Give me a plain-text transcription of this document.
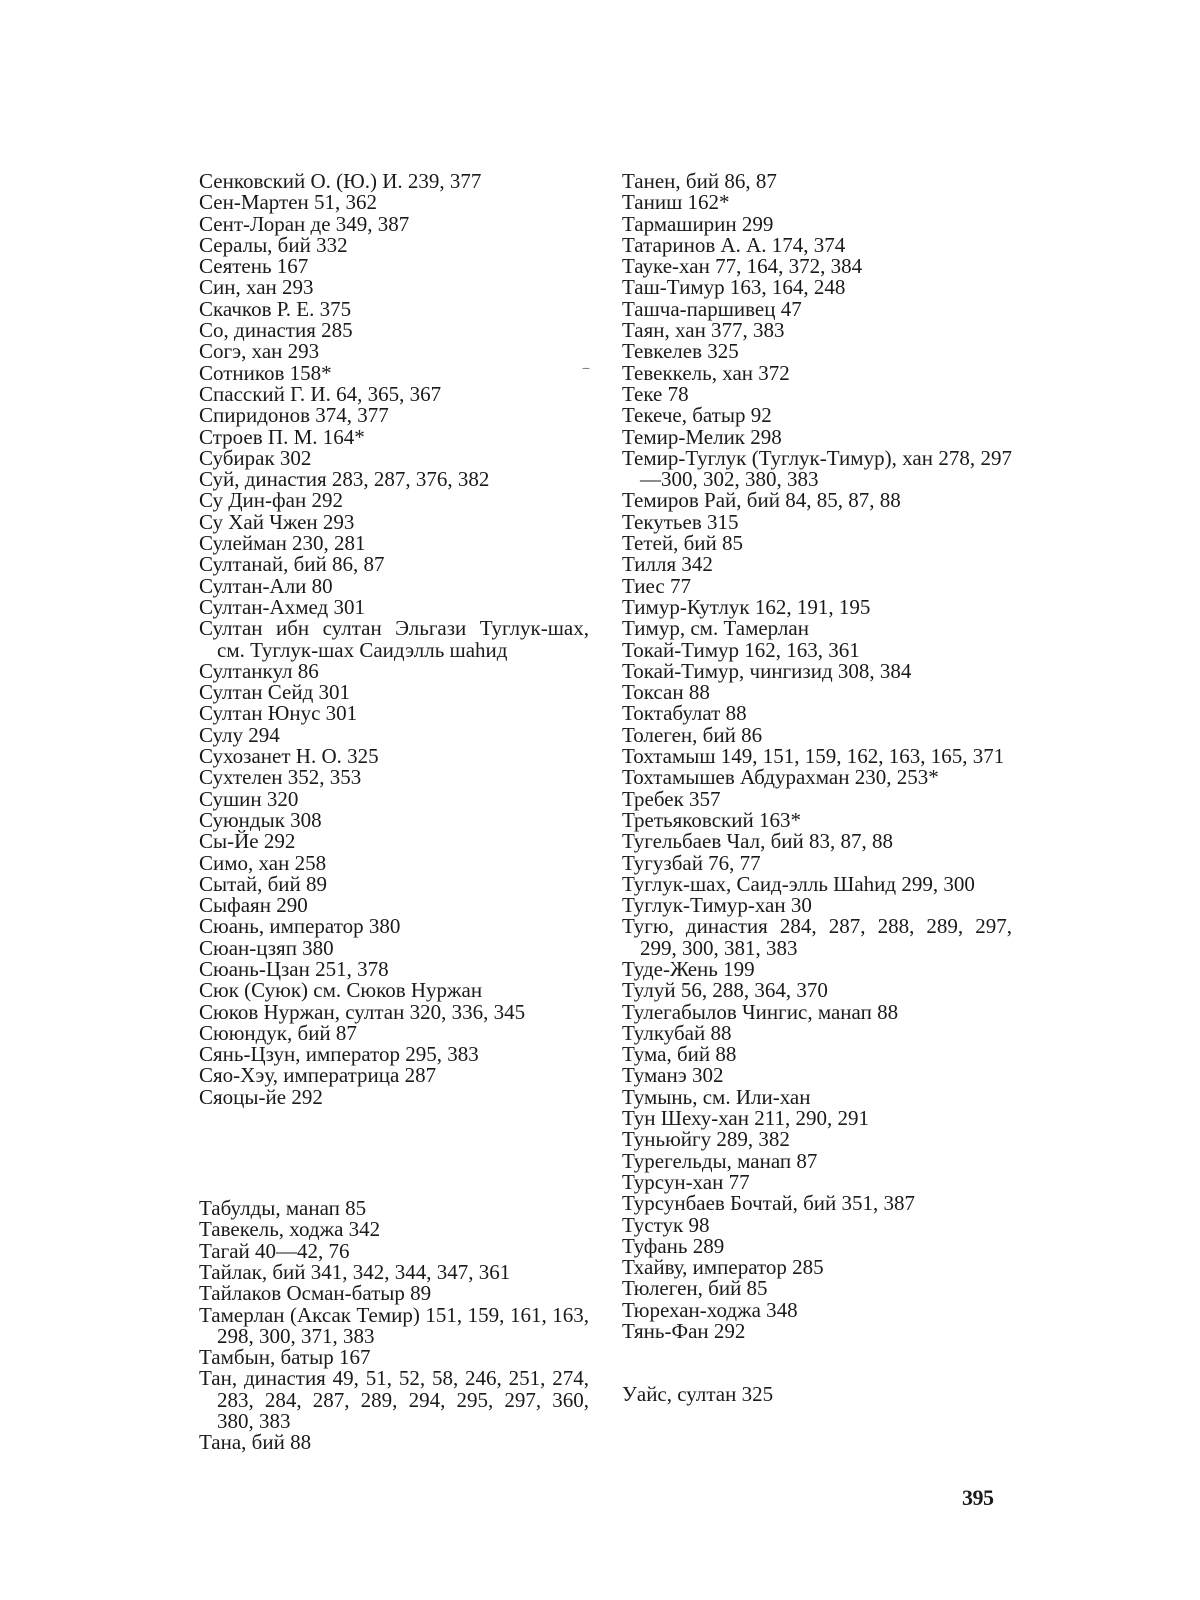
Сенковский О. (Ю.) И. 239, 377
Сен-Мартен 51, 362
Сент-Лоран де 349, 387
Сералы, бий 332
Сеятень 167
Син, хан 293
Скачков Р. Е. 375
Со, династия 285
Согэ, хан 293
Сотников 158*
Спасский Г. И. 64, 365, 367
Спиридонов 374, 377
Строев П. М. 164*
Субирак 302
Суй, династия 283, 287, 376, 382
Су Дин-фан 292
Су Хай Чжен 293
Сулейман 230, 281
Султанай, бий 86, 87
Султан-Али 80
Султан-Ахмед 301
Султан ибн султан Эльгази Туглук-шах, см. Туглук-шах Саидэлль шаһид
Султанкул 86
Султан Сейд 301
Султан Юнус 301
Сулу 294
Сухозанет Н. О. 325
Сухтелен 352, 353
Сушин 320
Суюндык 308
Сы-Йе 292
Симо, хан 258
Сытай, бий 89
Сыфаян 290
Сюань, император 380
Сюан-цзяп 380
Сюань-Цзан 251, 378
Сюк (Суюк) см. Сюков Нуржан
Сюков Нуржан, султан 320, 336, 345
Сююндук, бий 87
Сянь-Цзун, император 295, 383
Сяо-Хэу, императрица 287
Сяоцы-йе 292
Табулды, манап 85
Тавекель, ходжа 342
Тагай 40—42, 76
Тайлак, бий 341, 342, 344, 347, 361
Тайлаков Осман-батыр 89
Тамерлан (Аксак Темир) 151, 159, 161, 163, 298, 300, 371, 383
Тамбын, батыр 167
Тан, династия 49, 51, 52, 58, 246, 251, 274, 283, 284, 287, 289, 294, 295, 297, 360, 380, 383
Тана, бий 88
Танен, бий 86, 87
Таниш 162*
Тармаширин 299
Татаринов А. А. 174, 374
Тауке-хан 77, 164, 372, 384
Таш-Тимур 163, 164, 248
Ташча-паршивец 47
Таян, хан 377, 383
Тевкелев 325
Тевеккель, хан 372
Теке 78
Текече, батыр 92
Темир-Мелик 298
Темир-Туглук (Туглук-Тимур), хан 278, 297—300, 302, 380, 383
Темиров Рай, бий 84, 85, 87, 88
Текутьев 315
Тетей, бий 85
Тилля 342
Тиес 77
Тимур-Кутлук 162, 191, 195
Тимур, см. Тамерлан
Токай-Тимур 162, 163, 361
Токай-Тимур, чингизид 308, 384
Токсан 88
Токтабулат 88
Толеген, бий 86
Тохтамыш 149, 151, 159, 162, 163, 165, 371
Тохтамышев Абдурахман 230, 253*
Требек 357
Третьяковский 163*
Тугельбаев Чал, бий 83, 87, 88
Тугузбай 76, 77
Туглук-шах, Саид-элль Шаһид 299, 300
Туглук-Тимур-хан 30
Тугю, династия 284, 287, 288, 289, 297, 299, 300, 381, 383
Туде-Жень 199
Тулуй 56, 288, 364, 370
Тулегабылов Чингис, манап 88
Тулкубай 88
Тума, бий 88
Туманэ 302
Тумынь, см. Или-хан
Тун Шеху-хан 211, 290, 291
Туньюйгу 289, 382
Турегельды, манап 87
Турсун-хан 77
Турсунбаев Бочтай, бий 351, 387
Тустук 98
Туфань 289
Тхайву, император 285
Тюлеген, бий 85
Тюрехан-ходжа 348
Тянь-Фан 292
Уайс, султан 325
‾
395
